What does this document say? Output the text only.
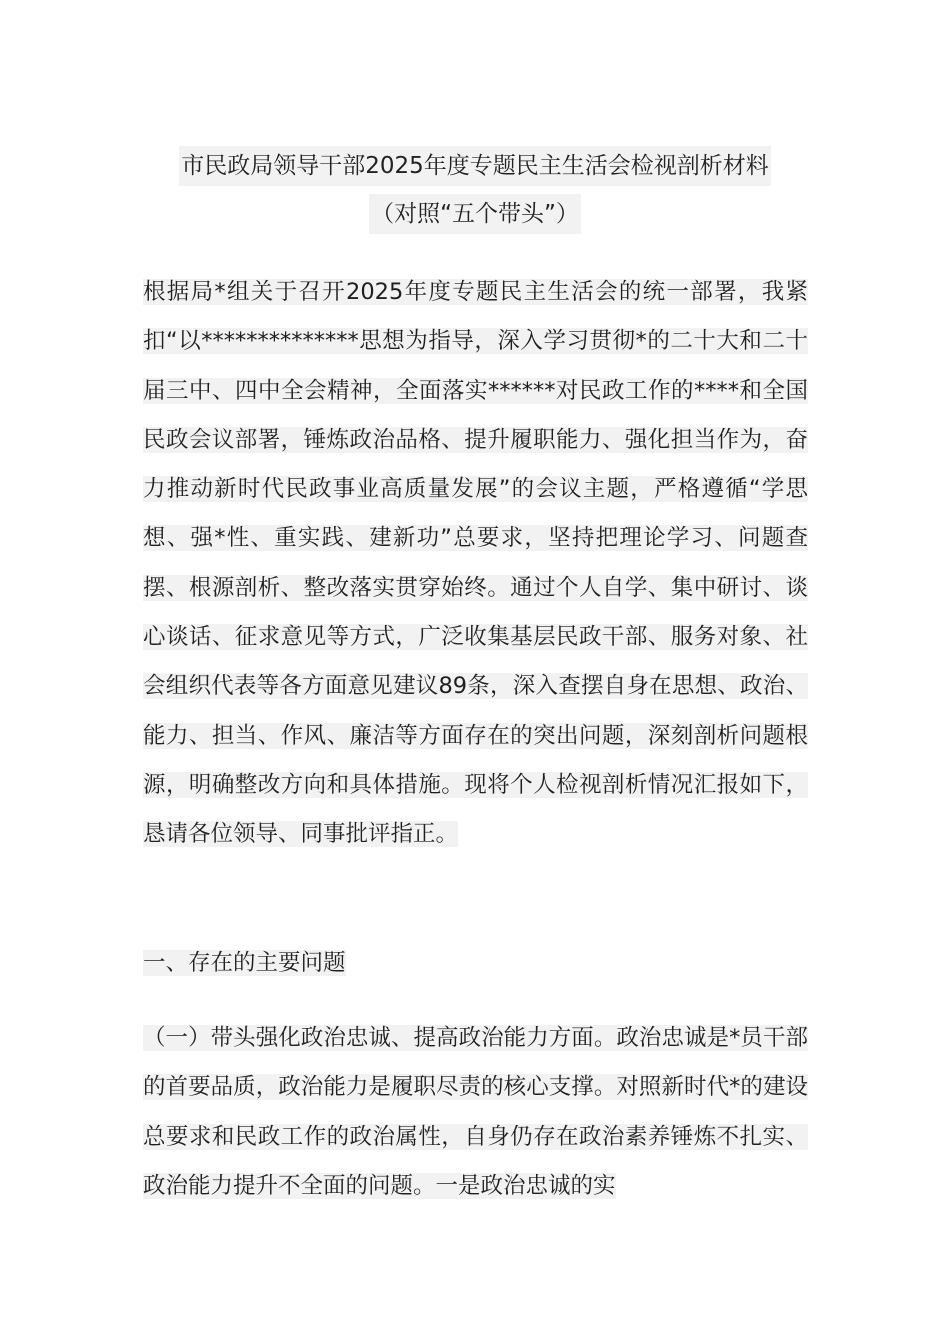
市民政局领导干部2025年度专题民主生活会检视剖析材料
（对照“五个带头”）
根据局*组关于召开2025年度专题民主生活会的统一部署，我紧扣“以**************思想为指导，深入学习贯彻*的二十大和二十届三中、四中全会精神，全面落实******对民政工作的****和全国民政会议部署，锤炼政治品格、提升履职能力、强化担当作为，奋力推动新时代民政事业高质量发展”的会议主题，严格遵循“学思想、强*性、重实践、建新功”总要求，坚持把理论学习、问题查摆、根源剖析、整改落实贯穿始终。通过个人自学、集中研讨、谈心谈话、征求意见等方式，广泛收集基层民政干部、服务对象、社会组织代表等各方面意见建议89条，深入查摆自身在思想、政治、能力、担当、作风、廉洁等方面存在的突出问题，深刻剖析问题根源，明确整改方向和具体措施。现将个人检视剖析情况汇报如下，恳请各位领导、同事批评指正。
一、存在的主要问题
（一）带头强化政治忠诚、提高政治能力方面。政治忠诚是*员干部的首要品质，政治能力是履职尽责的核心支撑。对照新时代*的建设总要求和民政工作的政治属性，自身仍存在政治素养锤炼不扎实、政治能力提升不全面的问题。一是政治忠诚的实
